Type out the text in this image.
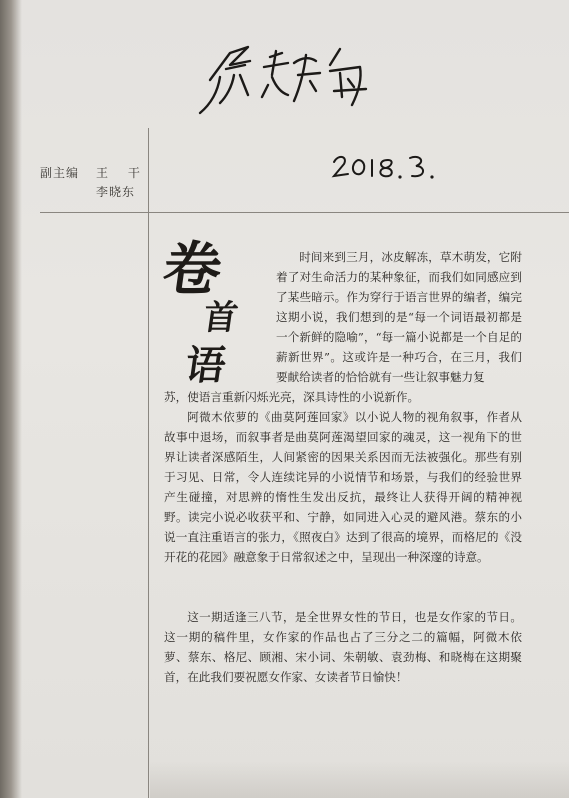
副主编 王 干
李晓东
卷
首
语
时间来到三月，冰皮解冻，草木萌发，它附着了对生命活力的某种象征，而我们如同感应到了某些暗示。作为穿行于语言世界的编者，编完这期小说，我们想到的是“每一个词语最初都是一个新鲜的隐喻”，“每一篇小说都是一个自足的薪新世界”。这或许是一种巧合，在三月，我们要献给读者的恰恰就有一些让叙事魅力复
苏，使语言重新闪烁光亮，深具诗性的小说新作。
阿微木依萝的《曲莫阿莲回家》以小说人物的视角叙事，作者从故事中退场，而叙事者是曲莫阿莲渴望回家的魂灵，这一视角下的世界让读者深感陌生，人间紧密的因果关系因而无法被强化。那些有别于习见、日常，令人连续诧异的小说情节和场景，与我们的经验世界产生碰撞，对思辨的惰性生发出反抗，最终让人获得开阔的精神视野。读完小说必收获平和、宁静，如同进入心灵的避风港。蔡东的小说一直注重语言的张力，《照夜白》达到了很高的境界，而格尼的《没开花的花园》融意象于日常叙述之中，呈现出一种深邃的诗意。
这一期适逢三八节，是全世界女性的节日，也是女作家的节日。这一期的稿件里，女作家的作品也占了三分之二的篇幅，阿微木依萝、蔡东、格尼、顾湘、宋小词、朱朝敏、袁劲梅、和晓梅在这期聚首，在此我们要祝愿女作家、女读者节日愉快！
